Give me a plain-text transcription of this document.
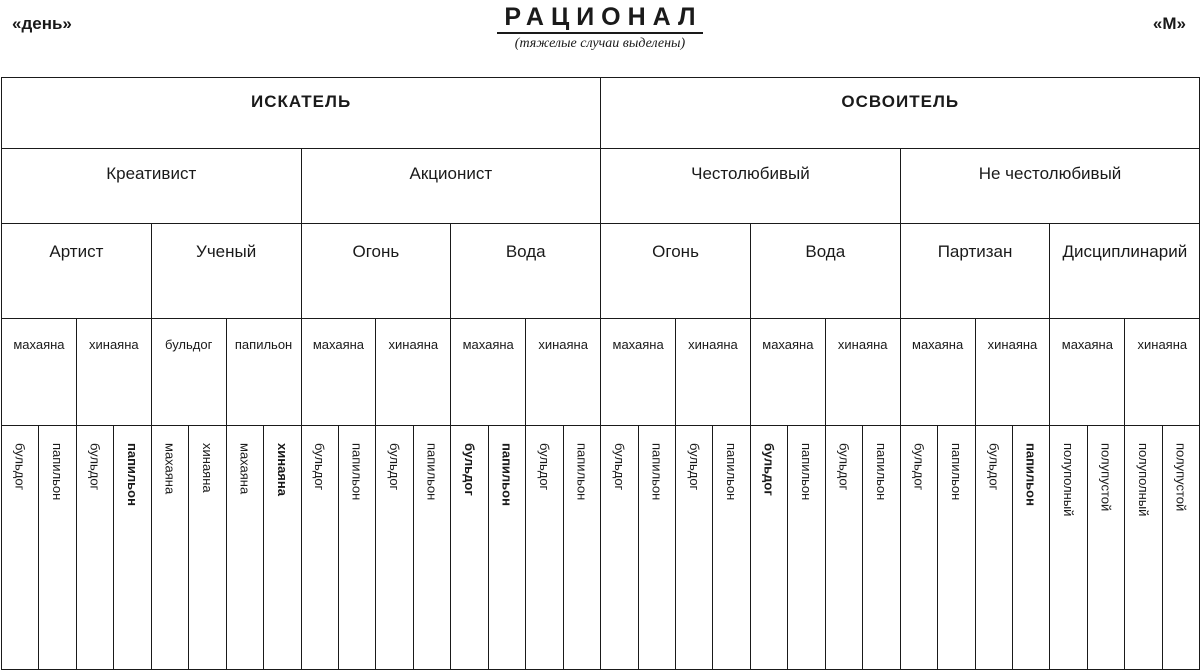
«день»	«М»
РАЦИОНАЛ
(тяжелые случаи выделены)
ИСКАТЕЛЬ																ОСВОИТЕЛЬ															

Креативист								Акционист								Честолюбивый								Не честолюбивый							

Артист				Ученый				Огонь				Вода				Огонь				Вода				Партизан				Дисциплинарий			

махаяна		хинаяна		бульдог		папильон		махаяна		хинаяна		махаяна		хинаяна		махаяна		хинаяна		махаяна		хинаяна		махаяна		хинаяна		махаяна		хинаяна	

бульдог	папильон	бульдог	папильон	махаяна	хинаяна	махаяна	хинаяна	бульдог	папильон	бульдог	папильон	бульдог	папильон	бульдог	папильон	бульдог	папильон	бульдог	папильон	бульдог	папильон	бульдог	папильон	бульдог	папильон	бульдог	папильон	полуполный	полупустой	полуполный	полупустой
